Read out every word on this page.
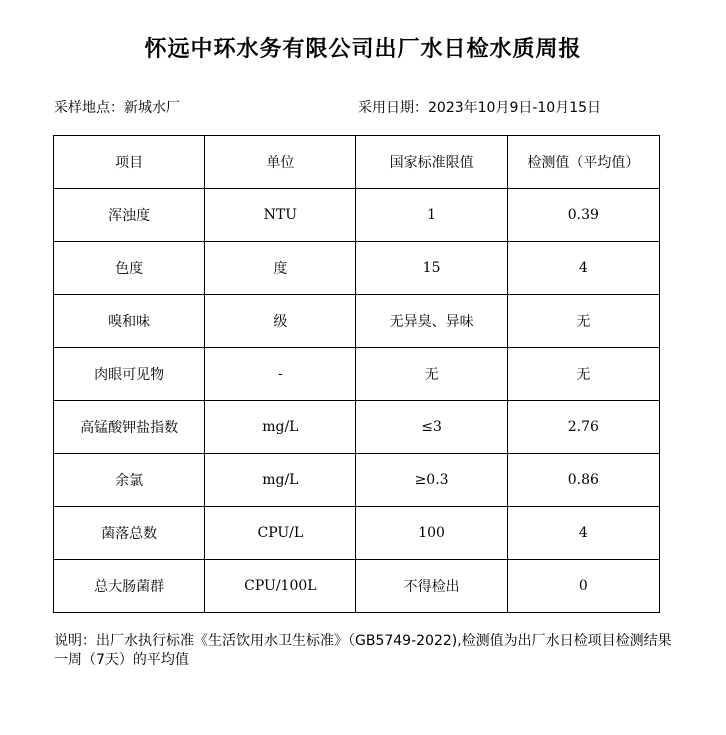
怀远中环水务有限公司出厂水日检水质周报
采样地点：新城水厂	采用日期：2023年10月9日-10月15日
项目	单位	国家标准限值	检测值（平均值）
浑浊度	NTU	1	0.39
色度	度	15	4
嗅和味	级	无异臭、异味	无
肉眼可见物	-	无	无
高锰酸钾盐指数	mg/L	≤3	2.76
余氯	mg/L	≥0.3	0.86
菌落总数	CPU/L	100	4
总大肠菌群	CPU/100L	不得检出	0
说明：出厂水执行标准《生活饮用水卫生标准》（GB5749-2022),检测值为出厂水日检项目检测结果一周（7天）的平均值
